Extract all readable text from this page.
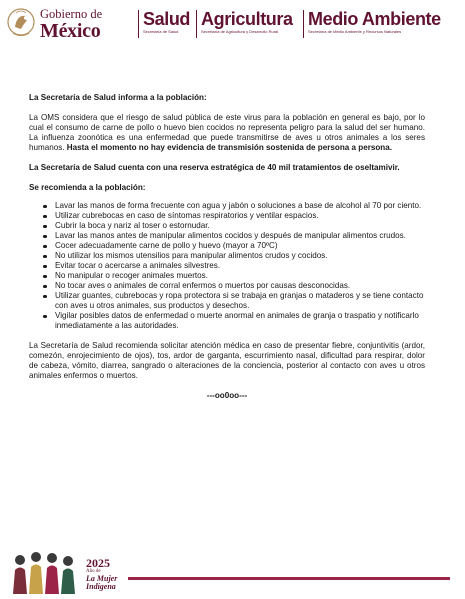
Gobierno de
México
Salud
Secretaría de Salud
Agricultura
Secretaría de Agricultura y Desarrollo Rural
Medio Ambiente
Secretaría de Medio Ambiente y Recursos Naturales

La Secretaría de Salud informa a la población:

La OMS considera que el riesgo de salud pública de este virus para la población en general es bajo, por lo cual el consumo de carne de pollo o huevo bien cocidos no representa peligro para la salud del ser humano. La influenza zoonótica es una enfermedad que puede transmitirse de aves u otros animales a los seres humanos. Hasta el momento no hay evidencia de transmisión sostenida de persona a persona.

La Secretaría de Salud cuenta con una reserva estratégica de 40 mil tratamientos de oseltamivir.

Se recomienda a la población:

Lavar las manos de forma frecuente con agua y jabón o soluciones a base de alcohol al 70 por ciento.
Utilizar cubrebocas en caso de síntomas respiratorios y ventilar espacios.
Cubrir la boca y nariz al toser o estornudar.
Lavar las manos antes de manipular alimentos cocidos y después de manipular alimentos crudos.
Cocer adecuadamente carne de pollo y huevo (mayor a 70ºC)
No utilizar los mismos utensilios para manipular alimentos crudos y cocidos.
Evitar tocar o acercarse a animales silvestres.
No manipular o recoger animales muertos.
No tocar aves o animales de corral enfermos o muertos por causas desconocidas.
Utilizar guantes, cubrebocas y ropa protectora si se trabaja en granjas o mataderos y se tiene contacto con aves u otros animales, sus productos y desechos.
Vigilar posibles datos de enfermedad o muerte anormal en animales de granja o traspatio y notificarlo inmediatamente a las autoridades.

La Secretaría de Salud recomienda solicitar atención médica en caso de presentar fiebre, conjuntivitis (ardor, comezón, enrojecimiento de ojos), tos, ardor de garganta, escurrimiento nasal, dificultad para respirar, dolor de cabeza, vómito, diarrea, sangrado o alteraciones de la conciencia, posterior al contacto con aves u otros animales enfermos o muertos.

---oo0oo---

2025
Año de
La Mujer
Indígena
